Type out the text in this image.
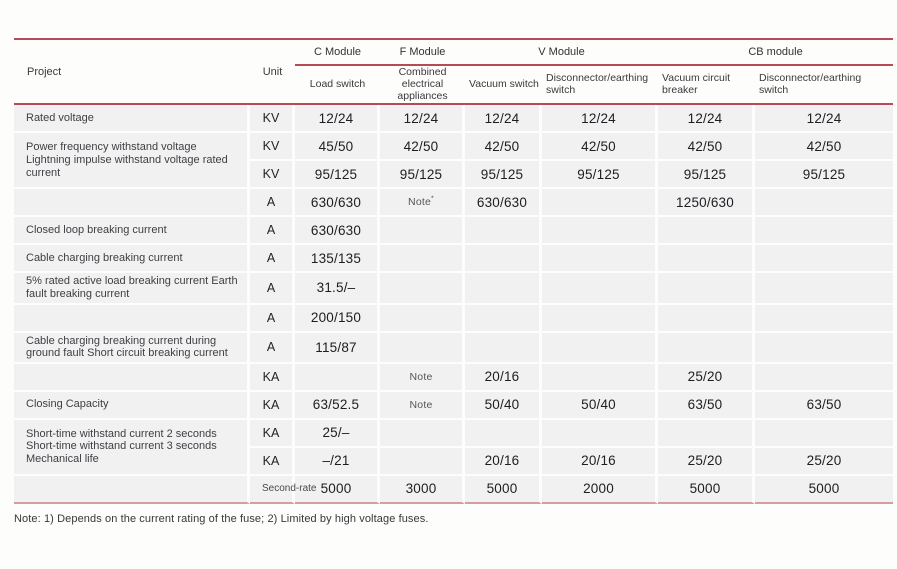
Project	Unit	C Module	F Module	V Module		CB module	
		Load switch	Combined electrical appliances	Vacuum switch	Disconnector/earthing switch	Vacuum circuit breaker	Disconnector/earthing switch
Rated voltage	KV	12/24	12/24	12/24	12/24	12/24	12/24
Power frequency withstand voltage Lightning impulse withstand voltage rated current	KV	45/50	42/50	42/50	42/50	42/50	42/50
	KV	95/125	95/125	95/125	95/125	95/125	95/125
	A	630/630	Note*	630/630		1250/630	
Closed loop breaking current	A	630/630					
Cable charging breaking current	A	135/135					
5% rated active load breaking current Earth fault breaking current	A	31.5/–					
	A	200/150					
Cable charging breaking current during ground fault Short circuit breaking current	A	115/87					
	KA		Note	20/16		25/20	
Closing Capacity	KA	63/52.5	Note	50/40	50/40	63/50	63/50
Short-time withstand current 2 seconds Short-time withstand current 3 seconds Mechanical life	KA	25/–					
	KA	–/21		20/16	20/16	25/20	25/20
	Second-rate	5000	3000	5000	2000	5000	5000
Note: 1) Depends on the current rating of the fuse; 2) Limited by high voltage fuses.
